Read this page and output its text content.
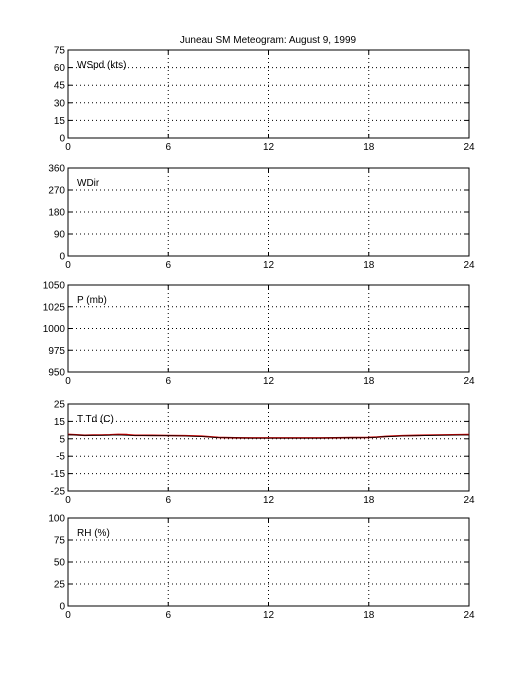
Juneau SM Meteogram: August 9, 1999
0	6	12	18	24
0
15
30
45
60
75
WSpd (kts)
0	6	12	18	24
0
90
180
270
360
WDir
0	6	12	18	24
950
975
1000
1025
1050
P (mb)
0	6	12	18	24
-25
-15
-5
5
15
25
T Td (C)
0	6	12	18	24
0
25
50
75
100
RH (%)
